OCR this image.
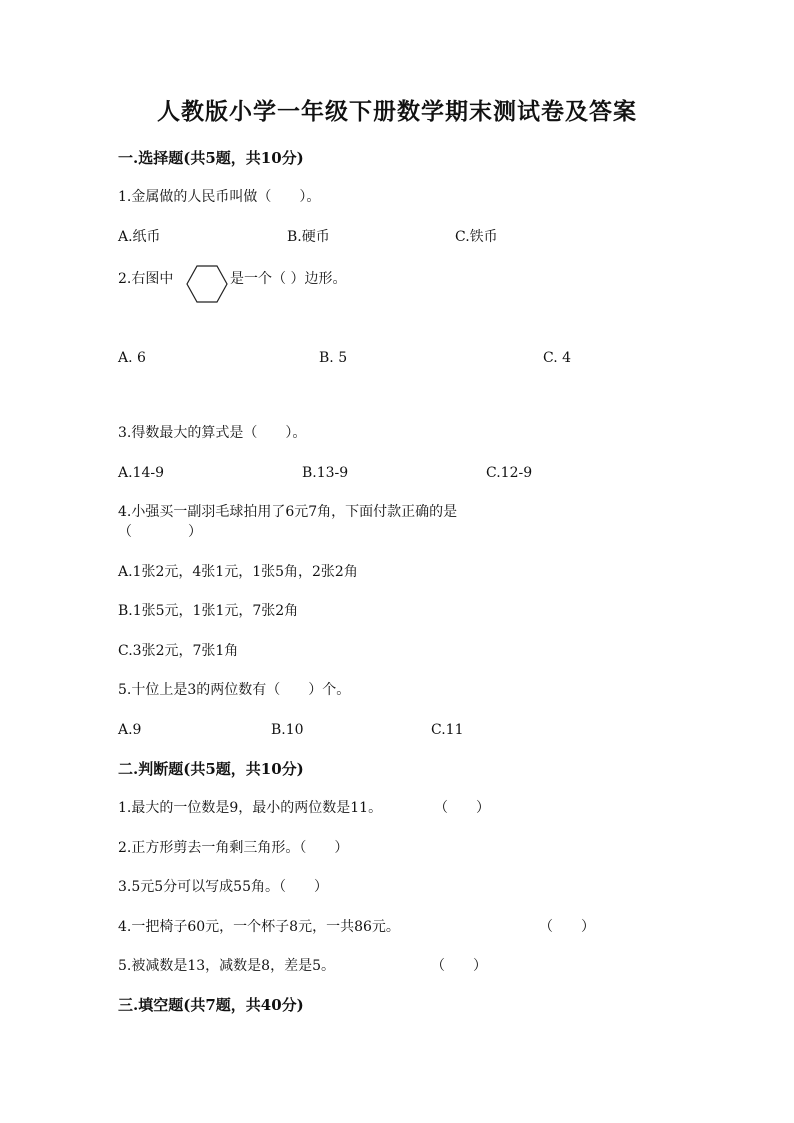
人教版小学一年级下册数学期末测试卷及答案
一.选择题(共5题，共10分)
1.金属做的人民币叫做（　　）。
A.纸币	B.硬币	C.铁币
2.右图中	是一个（ ）边形。
A. 6	B. 5	C. 4
3.得数最大的算式是（　　）。
A.14-9	B.13-9	C.12-9
4.小强买一副羽毛球拍用了6元7角，下面付款正确的是
（　　　　）
A.1张2元，4张1元，1张5角，2张2角
B.1张5元，1张1元，7张2角
C.3张2元，7张1角
5.十位上是3的两位数有（　　）个。
A.9	B.10	C.11
二.判断题(共5题，共10分)
1.最大的一位数是9，最小的两位数是11。	（　　）
2.正方形剪去一角剩三角形。（　　）
3.5元5分可以写成55角。（　　）
4.一把椅子60元，一个杯子8元，一共86元。	（　　）
5.被减数是13，减数是8，差是5。	（　　）
三.填空题(共7题，共40分)
